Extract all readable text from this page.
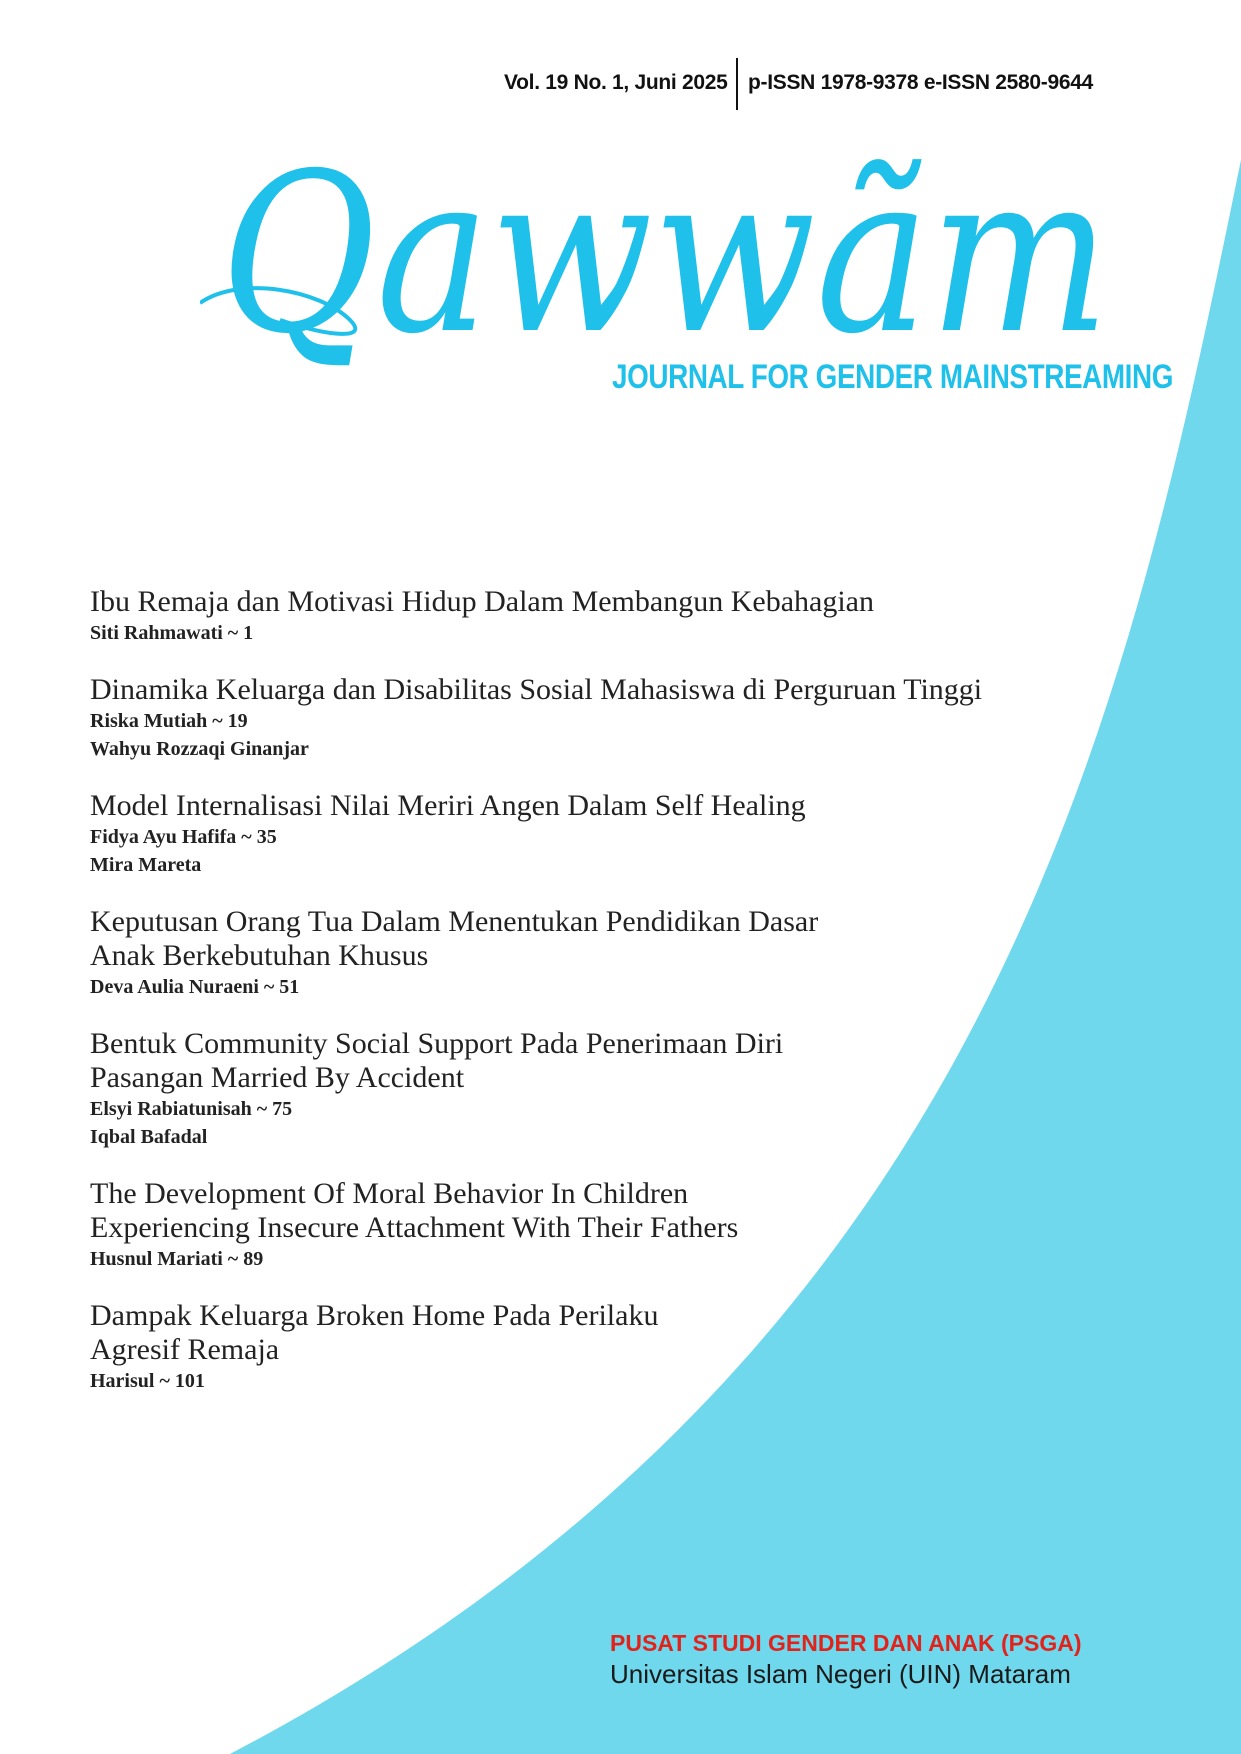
Vol. 19 No. 1, Juni 2025 p-ISSN 1978-9378 e-ISSN 2580-9644
Qawwãm
JOURNAL FOR GENDER MAINSTREAMING
Ibu Remaja dan Motivasi Hidup Dalam Membangun Kebahagian
Siti Rahmawati ~ 1
Dinamika Keluarga dan Disabilitas Sosial Mahasiswa di Perguruan Tinggi
Riska Mutiah ~ 19
Wahyu Rozzaqi Ginanjar
Model Internalisasi Nilai Meriri Angen Dalam Self Healing
Fidya Ayu Hafifa ~ 35
Mira Mareta
Keputusan Orang Tua Dalam Menentukan Pendidikan Dasar
Anak Berkebutuhan Khusus
Deva Aulia Nuraeni ~ 51
Bentuk Community Social Support Pada Penerimaan Diri
Pasangan Married By Accident
Elsyi Rabiatunisah ~ 75
Iqbal Bafadal
The Development Of Moral Behavior In Children
Experiencing Insecure Attachment With Their Fathers
Husnul Mariati ~ 89
Dampak Keluarga Broken Home Pada Perilaku
Agresif Remaja
Harisul ~ 101
PUSAT STUDI GENDER DAN ANAK (PSGA)
Universitas Islam Negeri (UIN) Mataram
